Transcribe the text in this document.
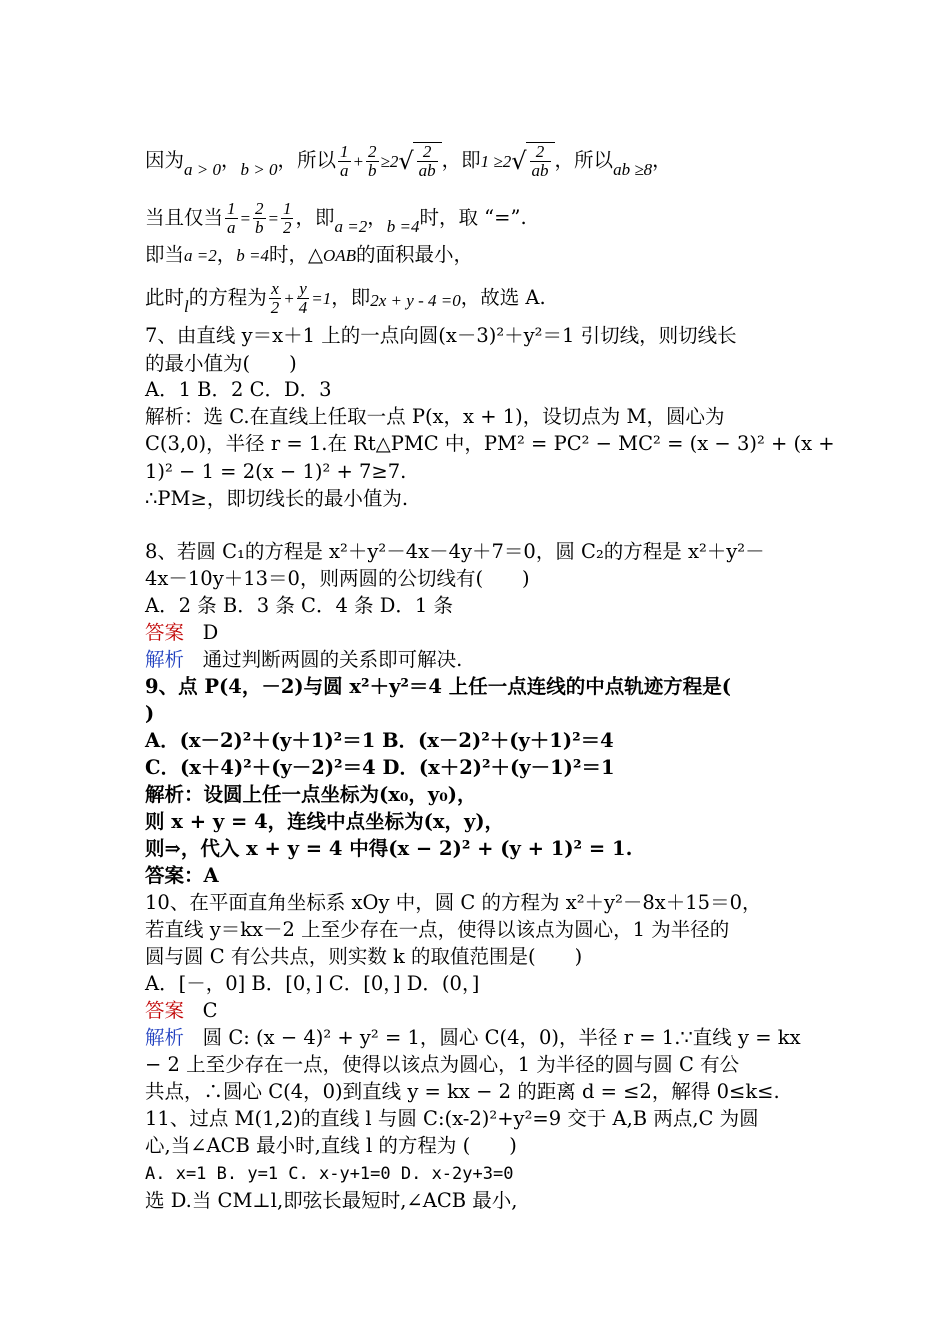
因为a > 0，b > 0，所以 $\frac{1}{a} + \frac{2}{b} \ge 2√ \frac{2}{ab}$ ，即$1 \ge 2√ \frac{2}{ab}$ ，所以ab ≥8，
当且仅当 $\frac{1}{a} = \frac{2}{b} = \frac{1}{2}$ ，即a =2，b =4时，取 “=”.
即当a =2，b =4时，△OAB的面积最小，
此时l的方程为 $\frac{x}{2} + \frac{y}{4} =1$，即2x + y - 4 =0，故选 A.
7、由直线 y＝x＋1 上的一点向圆(x－3)²＋y²＝1 引切线，则切线长
的最小值为(　　)
A．1 B．2 C．D．3
解析：选 C.在直线上任取一点 P(x，x + 1)，设切点为 M，圆心为
C(3,0)，半径 r = 1.在 Rt△PMC 中，PM² = PC² − MC² = (x − 3)² + (x +
1)² − 1 = 2(x − 1)² + 7≥7.
∴PM≥，即切线长的最小值为.
8、若圆 C₁的方程是 x²＋y²－4x－4y＋7＝0，圆 C₂的方程是 x²＋y²－
4x－10y＋13＝0，则两圆的公切线有(　　)
A．2 条 B．3 条 C．4 条 D．1 条
答案 D
解析 通过判断两圆的关系即可解决.
9、点 P(4，－2)与圆 x²＋y²＝4 上任一点连线的中点轨迹方程是(
)
A．(x－2)²＋(y＋1)²＝1 B．(x－2)²＋(y＋1)²＝4
C．(x＋4)²＋(y－2)²＝4 D．(x＋2)²＋(y－1)²＝1
解析：设圆上任一点坐标为(x₀，y₀)，
则 x + y = 4，连线中点坐标为(x，y)，
则⇒，代入 x + y = 4 中得(x − 2)² + (y + 1)² = 1.
答案：A
10、在平面直角坐标系 xOy 中，圆 C 的方程为 x²＋y²－8x＋15＝0，
若直线 y＝kx－2 上至少存在一点，使得以该点为圆心，1 为半径的
圆与圆 C 有公共点，则实数 k 的取值范围是(　　)
A．[－，0] B．[0，] C．[0，] D．(0，]
答案 C
解析 圆 C: (x − 4)² + y² = 1，圆心 C(4，0)，半径 r = 1.∵直线 y = kx
− 2 上至少存在一点，使得以该点为圆心，1 为半径的圆与圆 C 有公
共点，∴圆心 C(4，0)到直线 y = kx − 2 的距离 d = ≤2，解得 0≤k≤.
11、过点 M(1,2)的直线 l 与圆 C:(x-2)²+y²=9 交于 A,B 两点,C 为圆
心,当∠ACB 最小时,直线 l 的方程为 (　　)
A. x=1 B. y=1 C. x-y+1=0 D. x-2y+3=0
选 D.当 CM⊥l,即弦长最短时,∠ACB 最小,
